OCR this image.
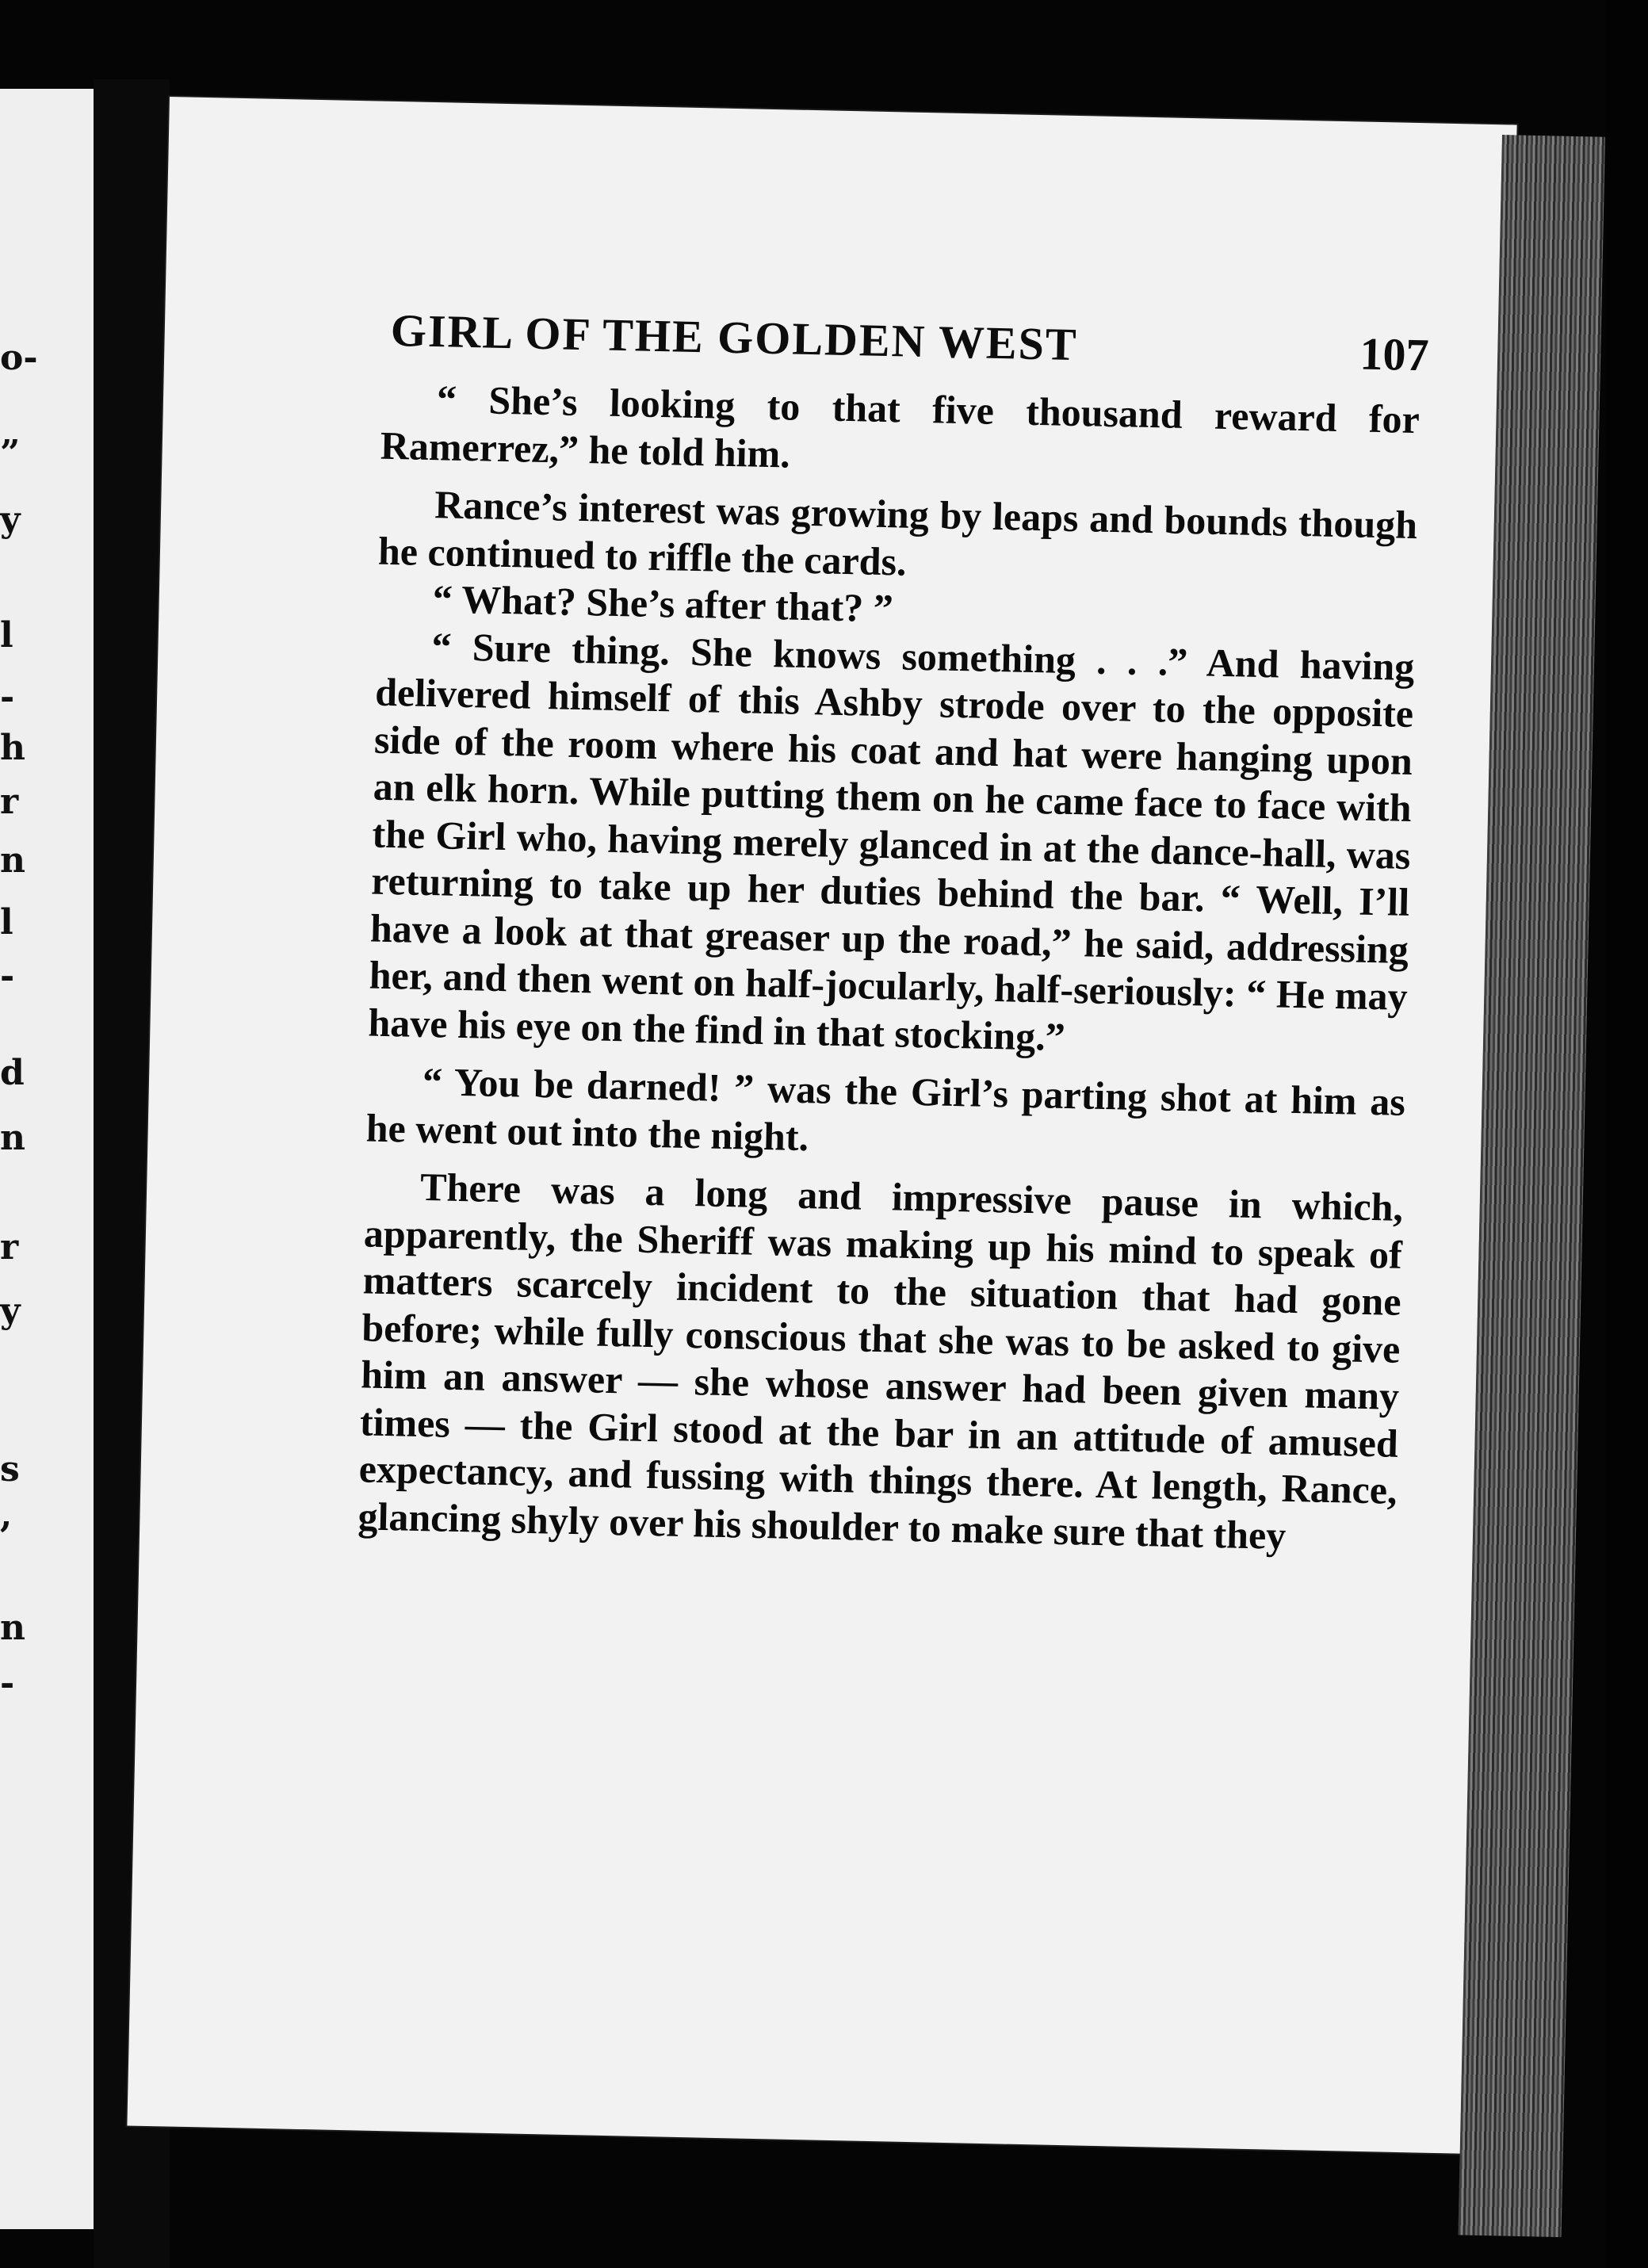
o-
”
y
l
-
h
r
n
l
-
d
n
r
y
s
,
n
-
GIRL OF THE GOLDEN WEST	107

“ She’s looking to that five thousand reward for Ramerrez,” he told him.

Rance’s interest was growing by leaps and bounds though he continued to riffle the cards.

“ What? She’s after that? ”

“ Sure thing. She knows something . . .” And having delivered himself of this Ashby strode over to the opposite side of the room where his coat and hat were hanging upon an elk horn. While putting them on he came face to face with the Girl who, having merely glanced in at the dance-hall, was returning to take up her duties behind the bar. “ Well, I’ll have a look at that greaser up the road,” he said, addressing her, and then went on half-jocularly, half-seriously: “ He may have his eye on the find in that stocking.”

“ You be darned! ” was the Girl’s parting shot at him as he went out into the night.

There was a long and impressive pause in which, apparently, the Sheriff was making up his mind to speak of matters scarcely incident to the situation that had gone before; while fully conscious that she was to be asked to give him an answer — she whose answer had been given many times — the Girl stood at the bar in an attitude of amused expectancy, and fussing with things there. At length, Rance, glancing shyly over his shoulder to make sure that they
